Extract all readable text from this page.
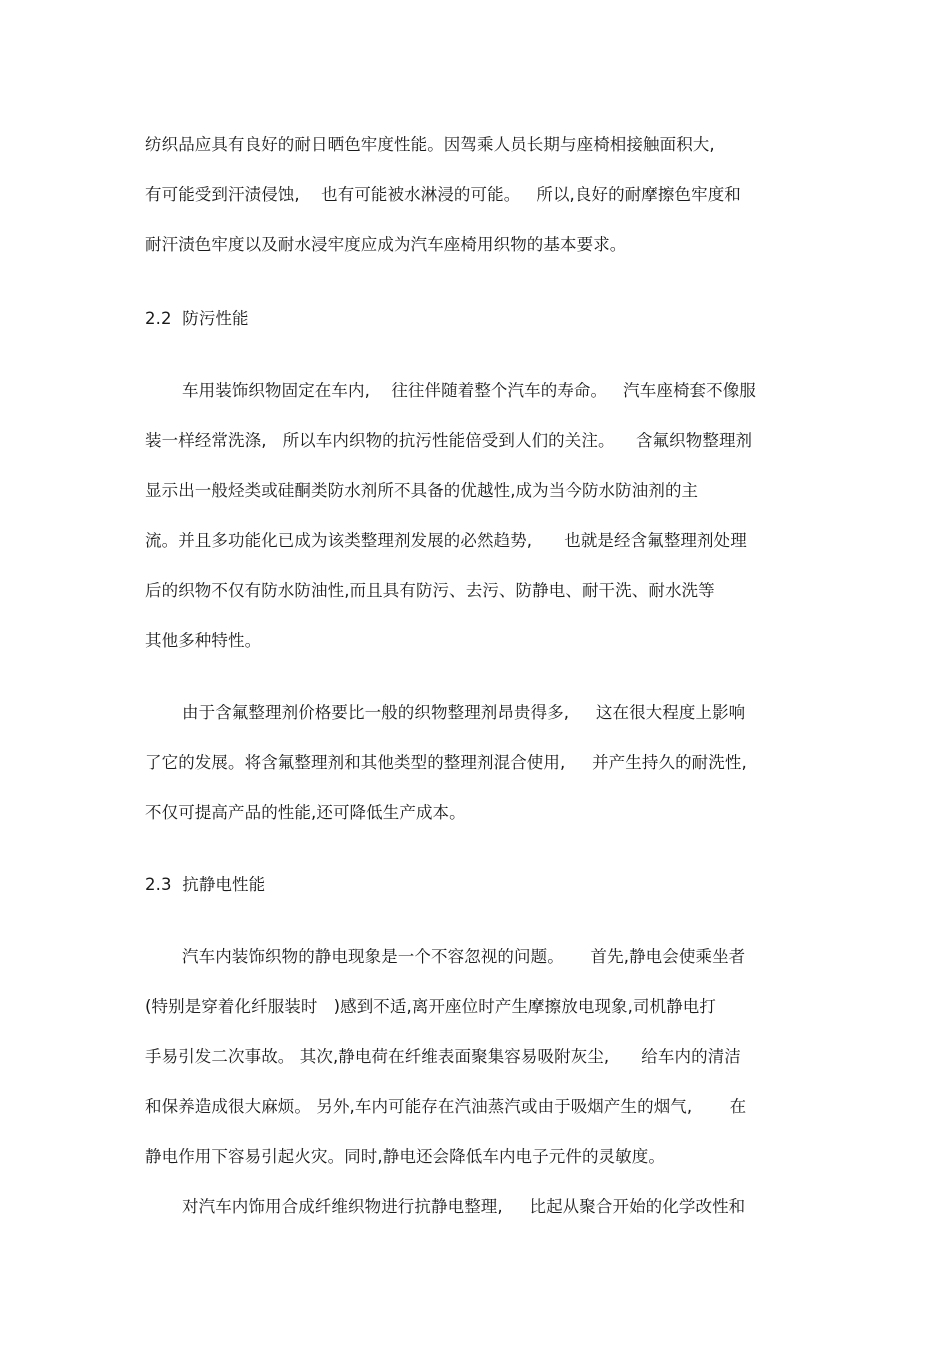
纺织品应具有良好的耐日晒色牢度性能。因驾乘人员长期与座椅相接触面积大,
有可能受到汗渍侵蚀,    也有可能被水淋浸的可能。   所以,良好的耐摩擦色牢度和
耐汗渍色牢度以及耐水浸牢度应成为汽车座椅用织物的基本要求。
2.2  防污性能
车用装饰织物固定在车内,    往往伴随着整个汽车的寿命。   汽车座椅套不像服
装一样经常洗涤,   所以车内织物的抗污性能倍受到人们的关注。    含氟织物整理剂
显示出一般烃类或硅酮类防水剂所不具备的优越性,成为当今防水防油剂的主
流。并且多功能化已成为该类整理剂发展的必然趋势,      也就是经含氟整理剂处理
后的织物不仅有防水防油性,而且具有防污、去污、防静电、耐干洗、耐水洗等
其他多种特性。
由于含氟整理剂价格要比一般的织物整理剂昂贵得多,     这在很大程度上影响
了它的发展。将含氟整理剂和其他类型的整理剂混合使用,     并产生持久的耐洗性,
不仅可提高产品的性能,还可降低生产成本。
2.3  抗静电性能
汽车内装饰织物的静电现象是一个不容忽视的问题。     首先,静电会使乘坐者
(特别是穿着化纤服装时   )感到不适,离开座位时产生摩擦放电现象,司机静电打
手易引发二次事故。 其次,静电荷在纤维表面聚集容易吸附灰尘,      给车内的清洁
和保养造成很大麻烦。 另外,车内可能存在汽油蒸汽或由于吸烟产生的烟气,       在
静电作用下容易引起火灾。同时,静电还会降低车内电子元件的灵敏度。
对汽车内饰用合成纤维织物进行抗静电整理,     比起从聚合开始的化学改性和
